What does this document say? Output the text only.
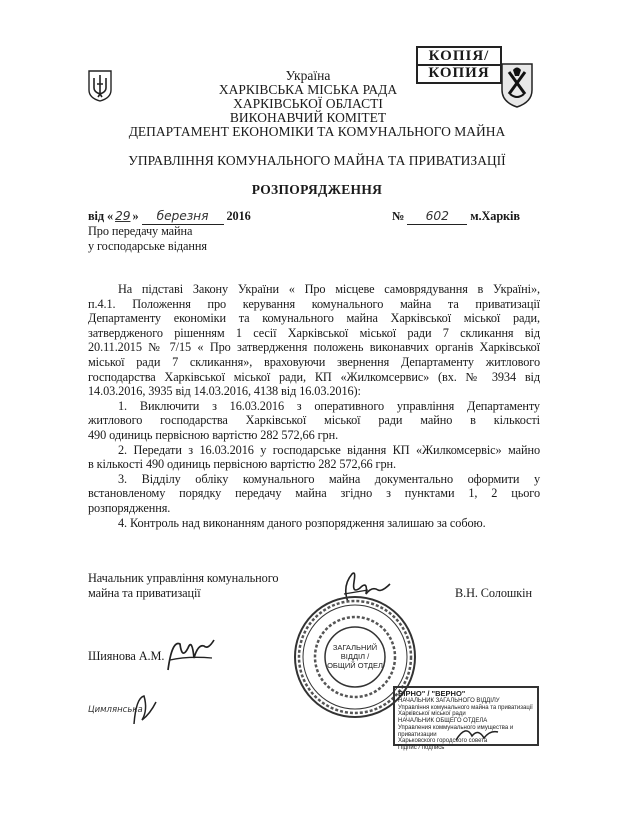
КОПІЯ/
КОПИЯ
Україна
ХАРКІВСЬКА МІСЬКА РАДА
ХАРКІВСЬКОЇ ОБЛАСТІ
ВИКОНАВЧИЙ КОМІТЕТ
ДЕПАРТАМЕНТ ЕКОНОМІКИ ТА КОМУНАЛЬНОГО МАЙНА
УПРАВЛІННЯ КОМУНАЛЬНОГО МАЙНА ТА ПРИВАТИЗАЦІЇ
РОЗПОРЯДЖЕННЯ
від « 29 » березня 2016	№ 602 м.Харків
Про передачу майна
у господарське відання
На підставі Закону України « Про місцеве самоврядування в Україні»,
п.4.1. Положення про керування комунального майна та приватизації
Департаменту економіки та комунального майна Харківської міської ради,
затвердженого рішенням 1 сесії Харківської міської ради 7 скликання від
20.11.2015 № 7/15 « Про затвердження положень виконавчих органів Харківської
міської ради 7 скликання», враховуючи звернення Департаменту житлового
господарства Харківської міської ради, КП «Жилкомсервис» (вх. № 3934 від
14.03.2016, 3935 від 14.03.2016, 4138 від 16.03.2016):
1. Виключити з 16.03.2016 з оперативного управління Департаменту
житлового господарства Харківської міської ради майно в кількості
490 одиниць первісною вартістю 282 572,66 грн.
2. Передати з 16.03.2016 у господарське відання КП «Жилкомсервіс» майно
в кількості 490 одиниць первісною вартістю 282 572,66 грн.
3. Відділу обліку комунального майна документально оформити у
встановленому порядку передачу майна згідно з пунктами 1, 2 цього
розпорядження.
4. Контроль над виконанням даного розпорядження залишаю за собою.
Начальник управління комунального
майна та приватизації	В.Н. Солошкін
Шиянова А.М.
Цимлянська
ЗАГАЛЬНИЙ
ВІДДІЛ /
ОБЩИЙ ОТДЕЛ
ВІРНО" / "ВЕРНО"
НАЧАЛЬНИК ЗАГАЛЬНОГО ВІДДІЛУ
Управління комунального майна та приватизації
Харківської міської ради
НАЧАЛЬНИК ОБЩЕГО ОТДЕЛА
Управления коммунального имущества и приватизации
Харьковского городского совета
Підпис / подпись
